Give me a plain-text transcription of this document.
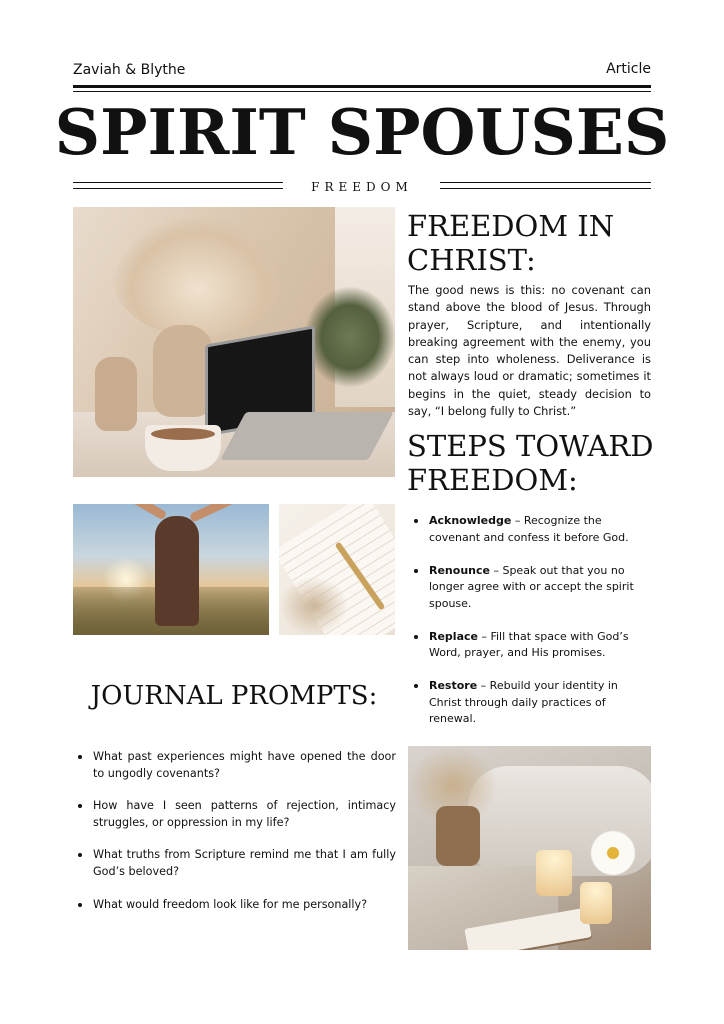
Zaviah & Blythe	Article
SPIRIT SPOUSES
FREEDOM
FREEDOM IN CHRIST:

The good news is this: no covenant can stand above the blood of Jesus. Through prayer, Scripture, and intentionally breaking agreement with the enemy, you can step into wholeness. Deliverance is not always loud or dramatic; sometimes it begins in the quiet, steady decision to say, “I belong fully to Christ.”

STEPS TOWARD FREEDOM:
Acknowledge – Recognize the covenant and confess it before God.
Renounce – Speak out that you no longer agree with or accept the spirit spouse.
Replace – Fill that space with God’s Word, prayer, and His promises.
Restore – Rebuild your identity in Christ through daily practices of renewal.
JOURNAL PROMPTS:
What past experiences might have opened the door to ungodly covenants?
How have I seen patterns of rejection, intimacy struggles, or oppression in my life?
What truths from Scripture remind me that I am fully God’s beloved?
What would freedom look like for me personally?
